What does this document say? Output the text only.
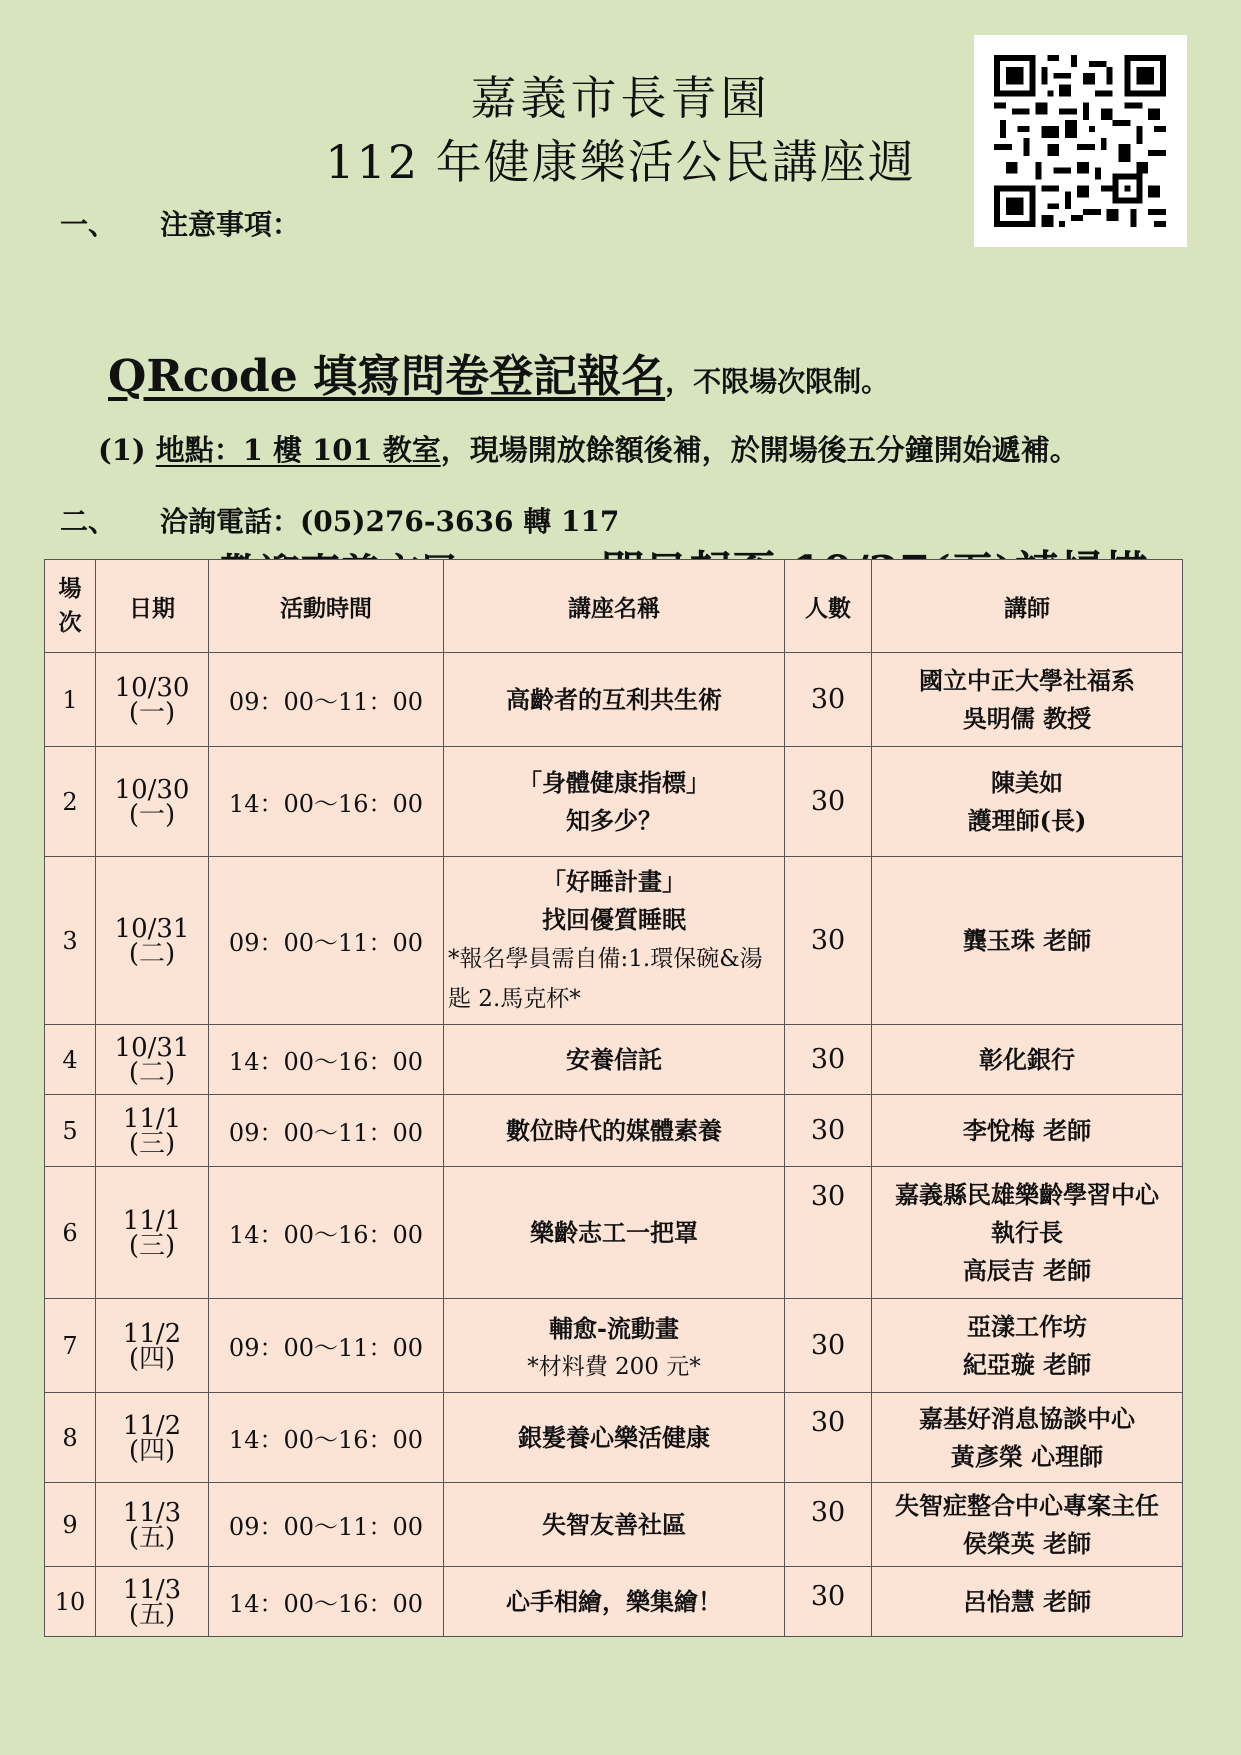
嘉義市長青園
112 年健康樂活公民講座週
一、 注意事項：
QRcode 填寫問卷登記報名，不限場次限制。
(1) 地點：1 樓 101 教室，現場開放餘額後補，於開場後五分鐘開始遞補。
二、 洽詢電話：(05)276-3636 轉 117
場次	日期	活動時間	講座名稱	人數	講師
1	10/30
(一)	09：00～11：00	高齡者的互利共生術	30	國立中正大學社福系
吳明儒 教授

2	10/30
(一)	14：00～16：00	「身體健康指標」
知多少？	30	陳美如
護理師(長)

3	10/31
(二)	09：00～11：00	「好睡計畫」
找回優質睡眠
*報名學員需自備:1.環保碗&湯匙 2.馬克杯*	30	龔玉珠 老師

4	10/31
(二)	14：00～16：00	安養信託	30	彰化銀行

5	11/1
(三)	09：00～11：00	數位時代的媒體素養	30	李悅梅 老師

6	11/1
(三)	14：00～16：00	樂齡志工一把罩	30	嘉義縣民雄樂齡學習中心
執行長
高辰吉 老師

7	11/2
(四)	09：00～11：00	輔愈-流動畫
*材料費 200 元*	30	亞漾工作坊
紀亞璇 老師

8	11/2
(四)	14：00～16：00	銀髮養心樂活健康	30	嘉基好消息協談中心
黃彥榮 心理師

9	11/3
(五)	09：00～11：00	失智友善社區	30	失智症整合中心專案主任
侯榮英 老師

10	11/3
(五)	14：00～16：00	心手相繪，樂集繪！	30	呂怡慧 老師
